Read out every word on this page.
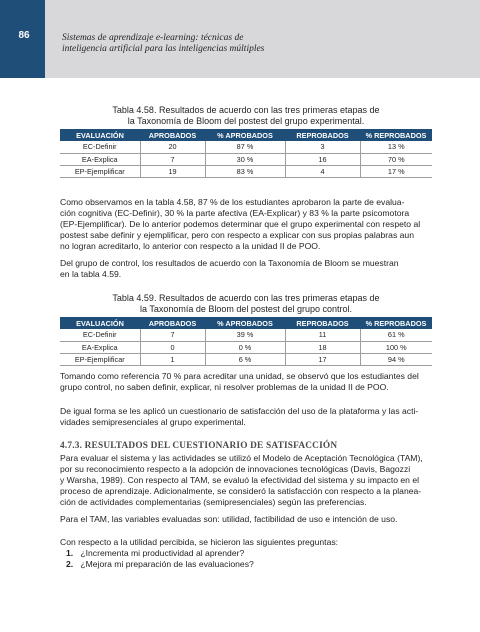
86	Sistemas de aprendizaje e-learning: técnicas de
inteligencia artificial para las inteligencias múltiples
Tabla 4.58. Resultados de acuerdo con las tres primeras etapas de
la Taxonomía de Bloom del postest del grupo experimental.
EVALUACIÓN	APROBADOS	% APROBADOS	REPROBADOS	% REPROBADOS
EC-Definir	20	87 %	3	13 %
EA-Explica	7	30 %	16	70 %
EP-Ejemplificar	19	83 %	4	17 %
Como observamos en la tabla 4.58, 87 % de los estudiantes aprobaron la parte de evalua-
ción cognitiva (EC-Definir), 30 % la parte afectiva (EA-Explicar) y 83 % la parte psicomotora
(EP-Ejemplificar). De lo anterior podemos determinar que el grupo experimental con respeto al
postest sabe definir y ejemplificar, pero con respecto a explicar con sus propias palabras aun
no logran acreditarlo, lo anterior con respecto a la unidad II de POO.
Del grupo de control, los resultados de acuerdo con la Taxonomía de Bloom se muestran
en la tabla 4.59.
Tabla 4.59. Resultados de acuerdo con las tres primeras etapas de
la Taxonomía de Bloom del postest del grupo control.
EVALUACIÓN	APROBADOS	% APROBADOS	REPROBADOS	% REPROBADOS
EC-Definir	7	39 %	11	61 %
EA-Explica	0	0 %	18	100 %
EP-Ejemplificar	1	6 %	17	94 %
Tomando como referencia 70 % para acreditar una unidad, se observó que los estudiantes del
grupo control, no saben definir, explicar, ni resolver problemas de la unidad II de POO.
De igual forma se les aplicó un cuestionario de satisfacción del uso de la plataforma y las acti-
vidades semipresenciales al grupo experimental.
4.7.3. RESULTADOS DEL CUESTIONARIO DE SATISFACCIÓN
Para evaluar el sistema y las actividades se utilizó el Modelo de Aceptación Tecnológica (TAM),
por su reconocimiento respecto a la adopción de innovaciones tecnológicas (Davis, Bagozzi
y Warsha, 1989). Con respecto al TAM, se evaluó la efectividad del sistema y su impacto en el
proceso de aprendizaje. Adicionalmente, se consideró la satisfacción con respecto a la planea-
ción de actividades complementarias (semipresenciales) según las preferencias.
Para el TAM, las variables evaluadas son: utilidad, factibilidad de uso e intención de uso.
Con respecto a la utilidad percibida, se hicieron las siguientes preguntas:
1. ¿Incrementa mi productividad al aprender?
2. ¿Mejora mi preparación de las evaluaciones?
